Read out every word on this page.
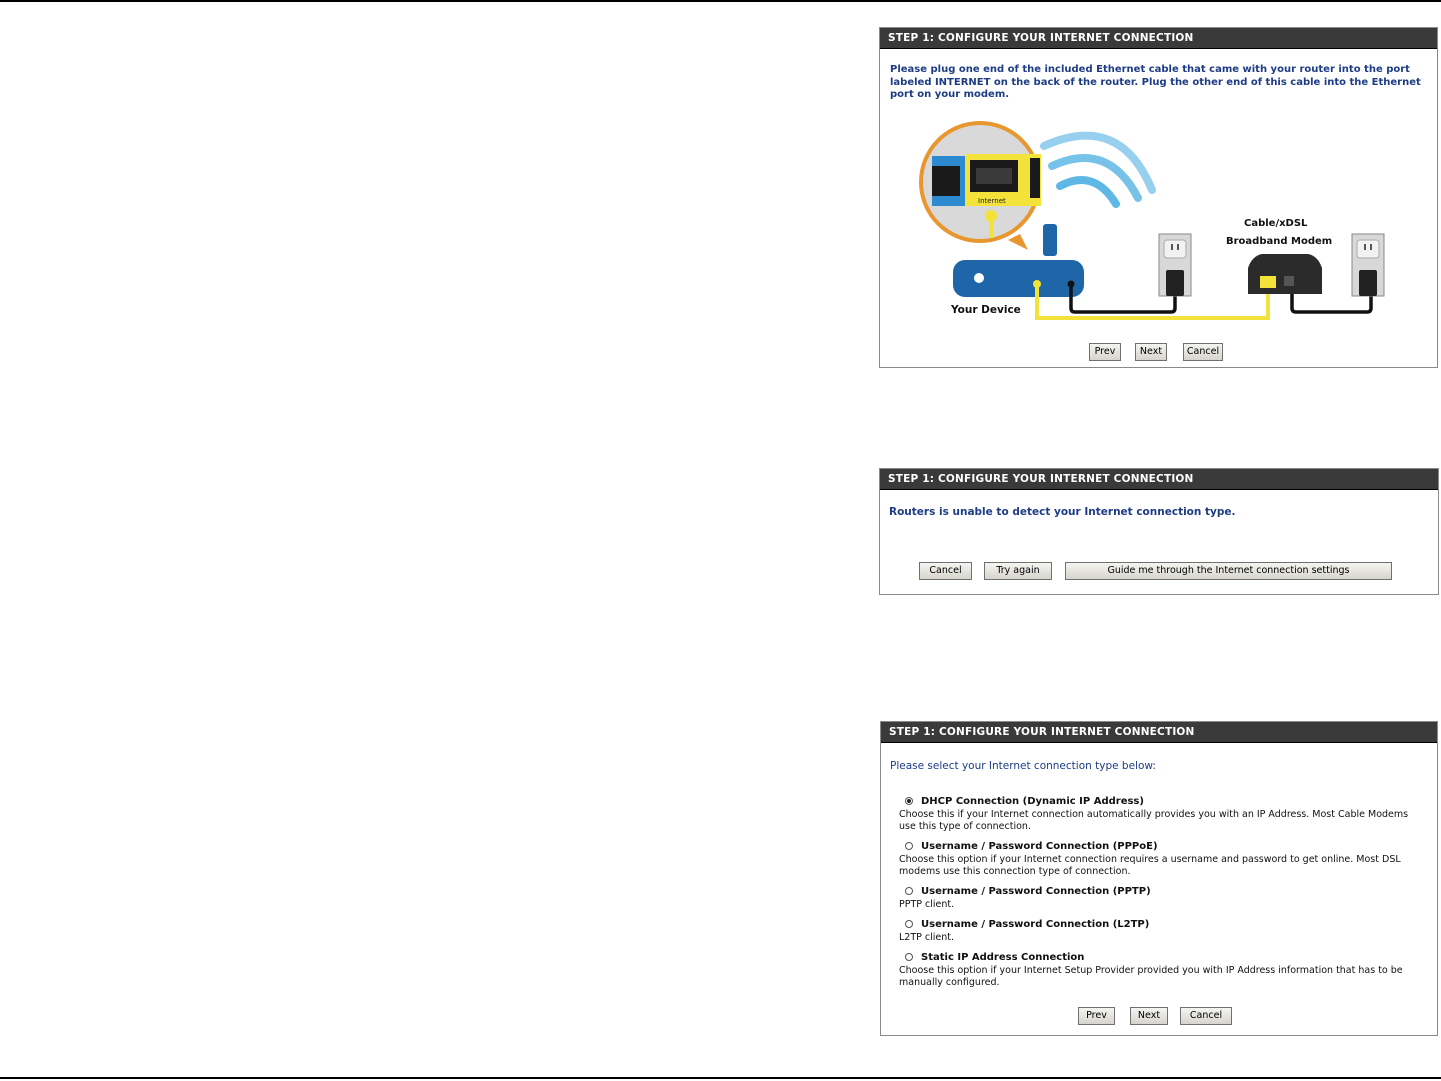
STEP 1: CONFIGURE YOUR INTERNET CONNECTION
Please plug one end of the included Ethernet cable that came with your router into the port labeled INTERNET on the back of the router. Plug the other end of this cable into the Ethernet port on your modem.
Internet
Your Device
Cable/xDSL
Broadband Modem
Prev	Next	Cancel
STEP 1: CONFIGURE YOUR INTERNET CONNECTION
Routers is unable to detect your Internet connection type.
Cancel	Try again	Guide me through the Internet connection settings
STEP 1: CONFIGURE YOUR INTERNET CONNECTION
Please select your Internet connection type below:
DHCP Connection (Dynamic IP Address)
Choose this if your Internet connection automatically provides you with an IP Address. Most Cable Modems use this type of connection.
Username / Password Connection (PPPoE)
Choose this option if your Internet connection requires a username and password to get online. Most DSL modems use this connection type of connection.
Username / Password Connection (PPTP)
PPTP client.
Username / Password Connection (L2TP)
L2TP client.
Static IP Address Connection
Choose this option if your Internet Setup Provider provided you with IP Address information that has to be manually configured.
Prev	Next	Cancel
